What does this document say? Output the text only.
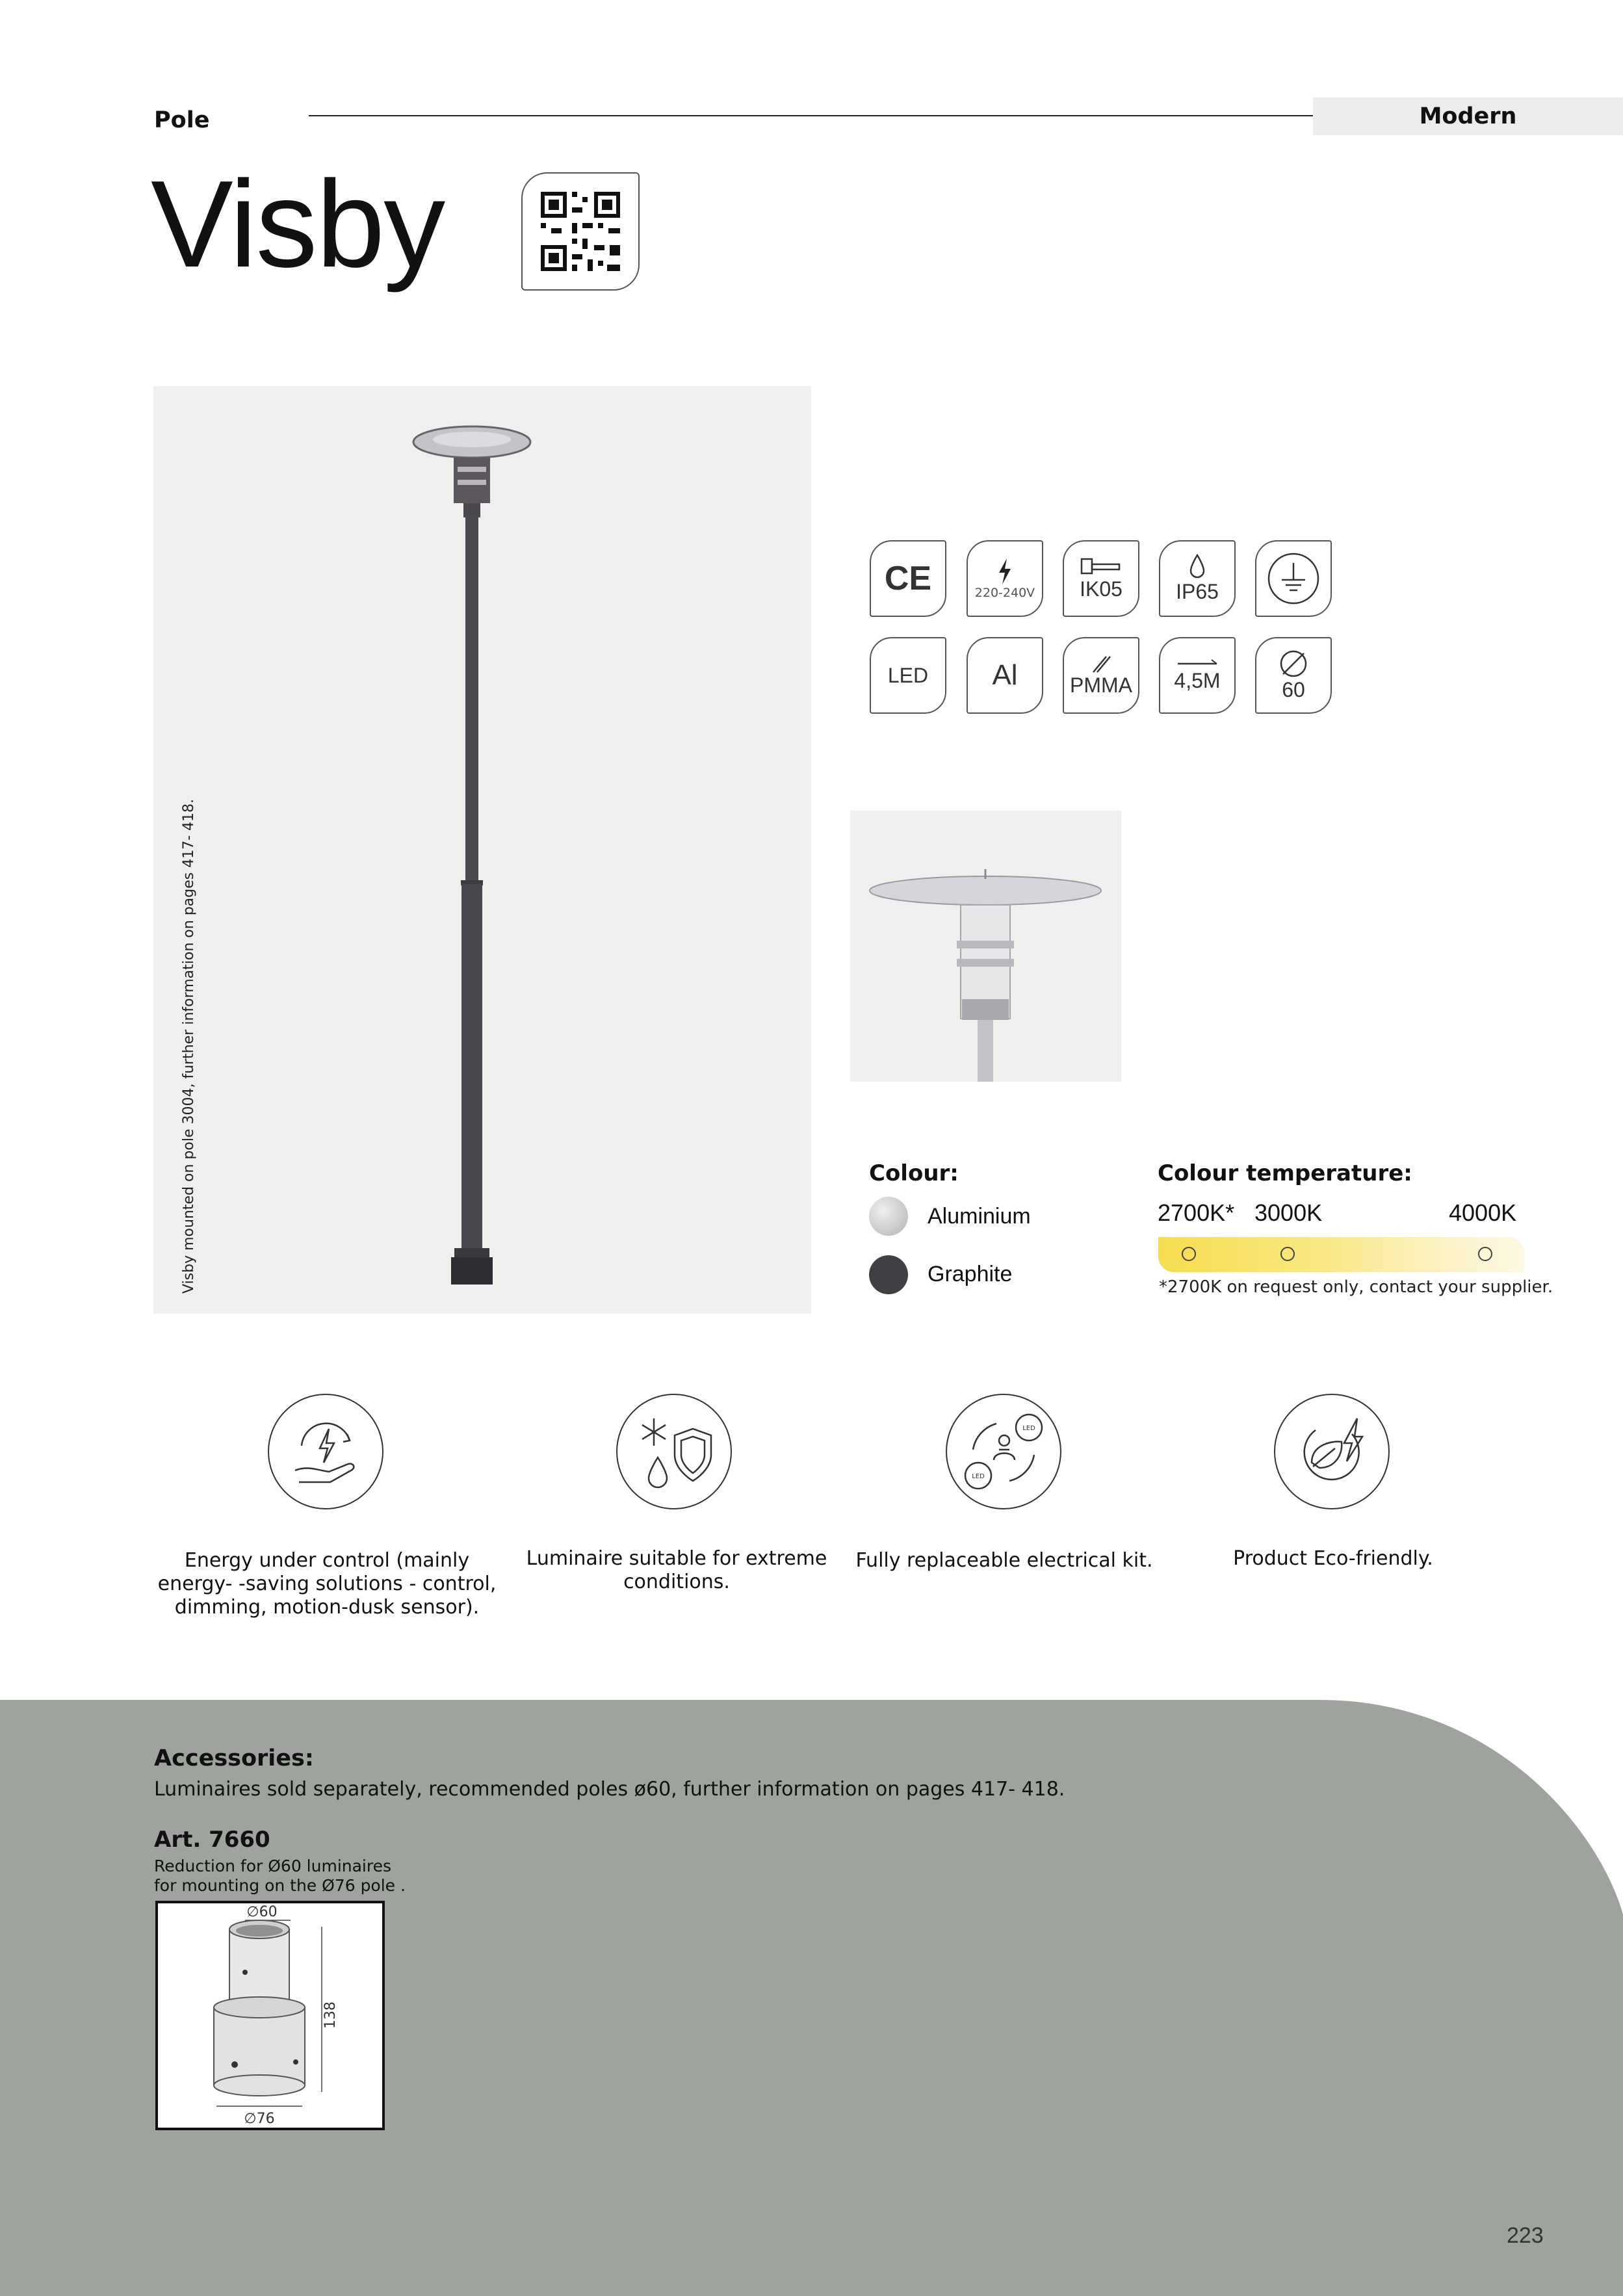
Pole	Modern
Visby
Visby mounted on pole 3004, further information on pages 417- 418.
CE	220-240V IK05	IP65
LED Al	PMMA 4,5M	60
Colour:
Aluminium
Graphite
Colour temperature:
2700K* 3000K	4000K
*2700K on request only, contact your supplier.
LED
LED
Energy under control (mainly energy- -saving solutions - control, dimming, motion-dusk sensor).
Luminaire suitable for extreme conditions.
Fully replaceable electrical kit.	Product Eco-friendly.
Accessories:
Luminaires sold separately, recommended poles ø60, further information on pages 417- 418.
Art. 7660
Reduction for Ø60 luminaires
for mounting on the Ø76 pole .
∅60
138
∅76
223
